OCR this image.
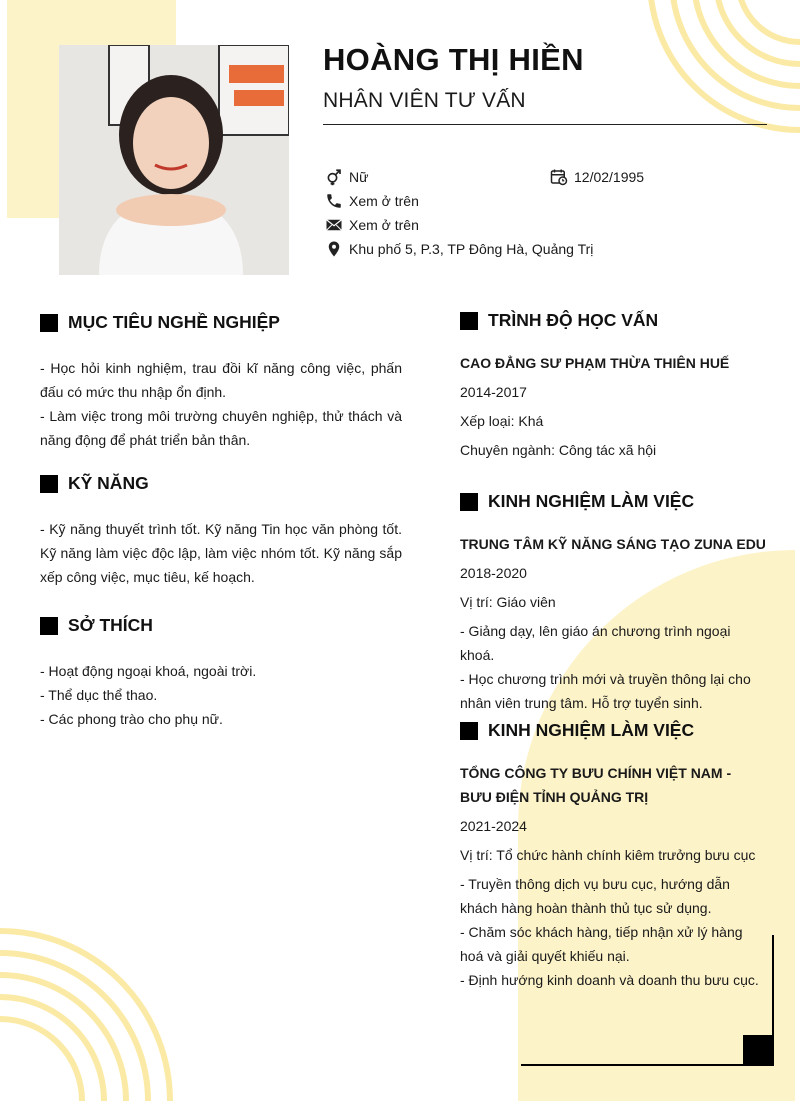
HOÀNG THỊ HIỀN
NHÂN VIÊN TƯ VẤN
Nữ	12/02/1995
Xem ở trên
Xem ở trên
Khu phố 5, P.3, TP Đông Hà, Quảng Trị
MỤC TIÊU NGHỀ NGHIỆP
- Học hỏi kinh nghiệm, trau đồi kĩ năng công việc, phấn đấu có mức thu nhập ổn định.
- Làm việc trong môi trường chuyên nghiệp, thử thách và năng động để phát triển bản thân.
KỸ NĂNG
- Kỹ năng thuyết trình tốt. Kỹ năng Tin học văn phòng tốt. Kỹ năng làm việc độc lập, làm việc nhóm tốt. Kỹ năng sắp xếp công việc, mục tiêu, kế hoạch.
SỞ THÍCH
- Hoạt động ngoại khoá, ngoài trời.
- Thể dục thể thao.
- Các phong trào cho phụ nữ.
TRÌNH ĐỘ HỌC VẤN
CAO ĐẲNG SƯ PHẠM THỪA THIÊN HUẾ
2014-2017
Xếp loại: Khá
Chuyên ngành: Công tác xã hội
KINH NGHIỆM LÀM VIỆC
TRUNG TÂM KỸ NĂNG SÁNG TẠO ZUNA EDU
2018-2020
Vị trí: Giáo viên
- Giảng dạy, lên giáo án chương trình ngoại khoá.
- Học chương trình mới và truyền thông lại cho nhân viên trung tâm. Hỗ trợ tuyển sinh.
KINH NGHIỆM LÀM VIỆC
TỔNG CÔNG TY BƯU CHÍNH VIỆT NAM -
BƯU ĐIỆN TỈNH QUẢNG TRỊ
2021-2024
Vị trí: Tổ chức hành chính kiêm trưởng bưu cục
- Truyền thông dịch vụ bưu cục, hướng dẫn khách hàng hoàn thành thủ tục sử dụng.
- Chăm sóc khách hàng, tiếp nhận xử lý hàng hoá và giải quyết khiếu nại.
- Định hướng kinh doanh và doanh thu bưu cục.
